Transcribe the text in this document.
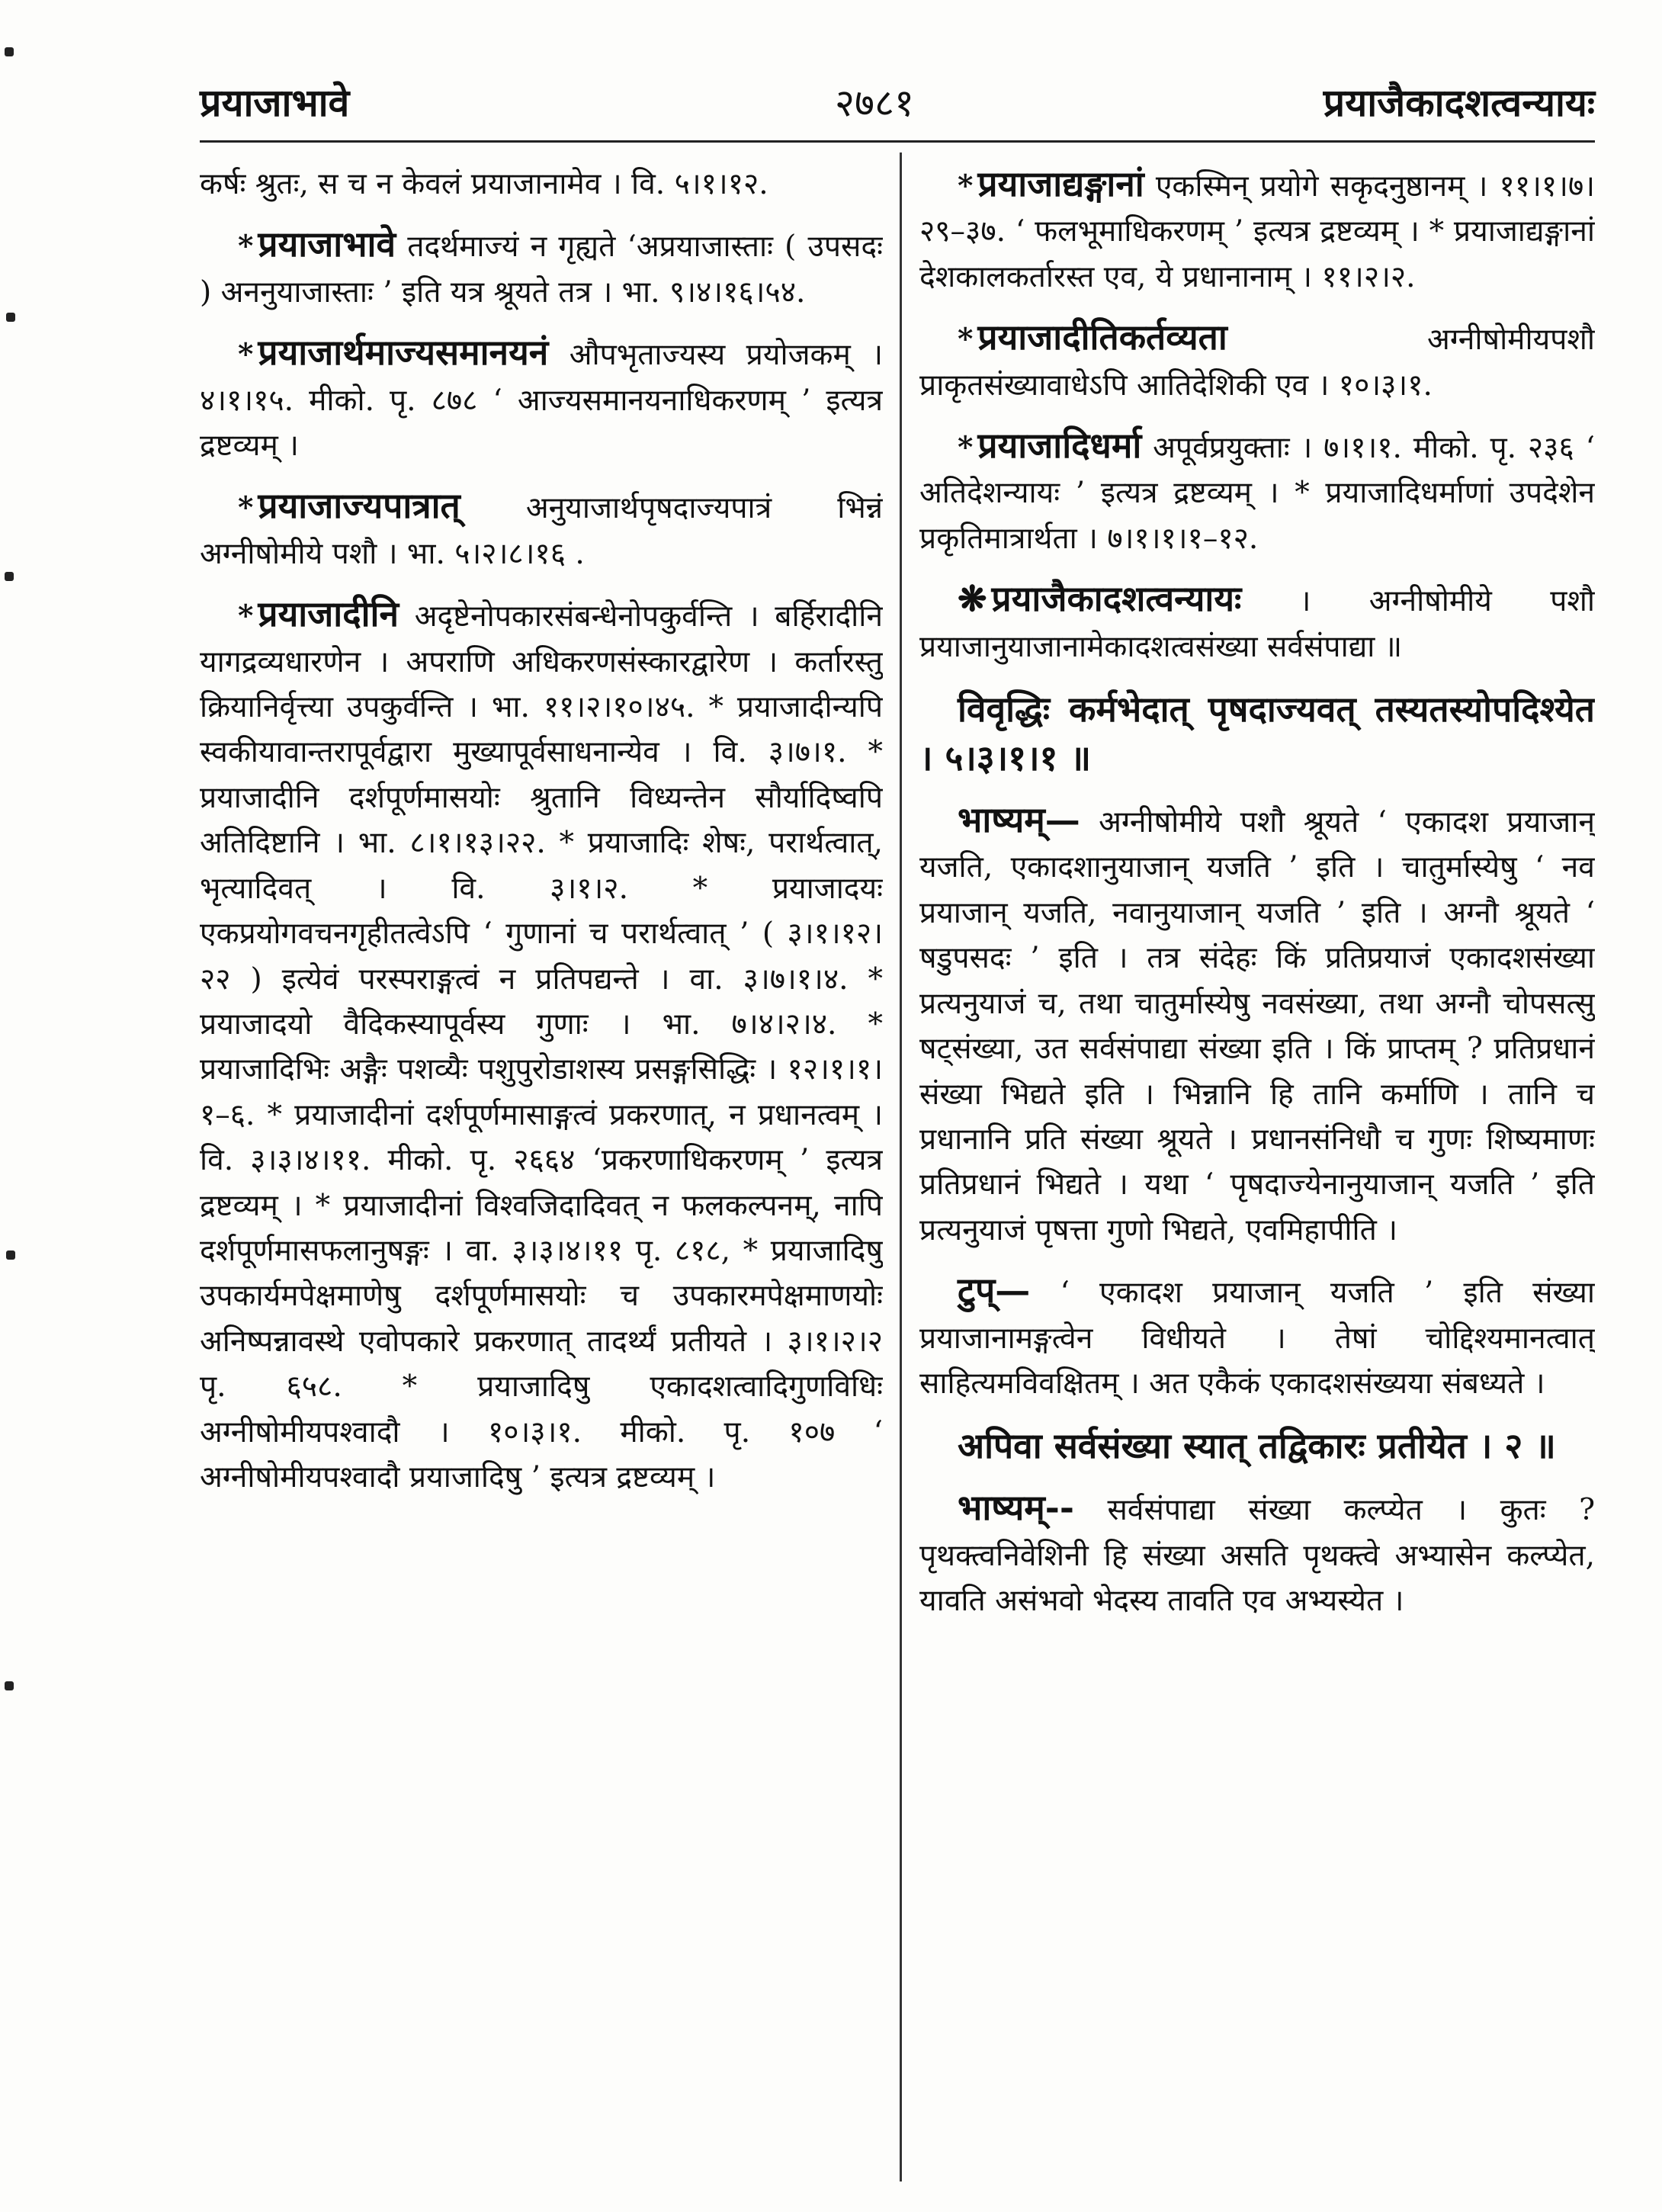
प्रयाजाभावे	२७८१	प्रयाजैकादशत्वन्यायः

कर्षः श्रुतः, स च न केवलं प्रयाजानामेव । वि. ५।१।१२.

* प्रयाजाभावे तदर्थमाज्यं न गृह्यते ‘अप्रयाजास्ताः ( उपसदः ) अननुयाजास्ताः ’ इति यत्र श्रूयते तत्र । भा. ९।४।१६।५४.

* प्रयाजार्थमाज्यसमानयनं औपभृताज्यस्य प्रयोजकम् । ४।१।१५. मीको. पृ. ८७८ ‘ आज्यसमानयनाधिकरणम् ’ इत्यत्र द्रष्टव्यम् ।

* प्रयाजाज्यपात्रात् अनुयाजार्थपृषदाज्यपात्रं भिन्नं अग्नीषोमीये पशौ । भा. ५।२।८।१६ .

* प्रयाजादीनि अदृष्टेनोपकारसंबन्धेनोपकुर्वन्ति । बर्हिरादीनि यागद्रव्यधारणेन । अपराणि अधिकरणसंस्कारद्वारेण । कर्तारस्तु क्रियानिर्वृत्त्या उपकुर्वन्ति । भा. ११।२।१०।४५. * प्रयाजादीन्यपि स्वकीयावान्तरापूर्वद्वारा मुख्यापूर्वसाधनान्येव । वि. ३।७।१. * प्रयाजादीनि दर्शपूर्णमासयोः श्रुतानि विध्यन्तेन सौर्यादिष्वपि अतिदिष्टानि । भा. ८।१।१३।२२. * प्रयाजादिः शेषः, परार्थत्वात्, भृत्यादिवत् । वि. ३।१।२. * प्रयाजादयः एकप्रयोगवचनगृहीतत्वेऽपि ‘ गुणानां च परार्थत्वात् ’ ( ३।१।१२।२२ ) इत्येवं परस्पराङ्गत्वं न प्रतिपद्यन्ते । वा. ३।७।१।४. * प्रयाजादयो वैदिकस्यापूर्वस्य गुणाः । भा. ७।४।२।४. * प्रयाजादिभिः अङ्गैः पशव्यैः पशुपुरोडाशस्य प्रसङ्गसिद्धिः । १२।१।१।१–६. * प्रयाजादीनां दर्शपूर्णमासाङ्गत्वं प्रकरणात्, न प्रधानत्वम् । वि. ३।३।४।११. मीको. पृ. २६६४ ‘प्रकरणाधिकरणम् ’ इत्यत्र द्रष्टव्यम् । * प्रयाजादीनां विश्वजिदादिवत् न फलकल्पनम्, नापि दर्शपूर्णमासफलानुषङ्गः । वा. ३।३।४।११ पृ. ८१८, * प्रयाजादिषु उपकार्यमपेक्षमाणेषु दर्शपूर्णमासयोः च उपकारमपेक्षमाणयोः अनिष्पन्नावस्थे एवोपकारे प्रकरणात् तादर्थ्यं प्रतीयते । ३।१।२।२ पृ. ६५८. * प्रयाजादिषु एकादशत्वादिगुणविधिः अग्नीषोमीयपश्वादौ । १०।३।१. मीको. पृ. १०७ ‘ अग्नीषोमीयपश्वादौ प्रयाजादिषु ’ इत्यत्र द्रष्टव्यम् ।

* प्रयाजाद्यङ्गानां एकस्मिन् प्रयोगे सकृदनुष्ठानम् । ११।१।७।२९–३७. ‘ फलभूमाधिकरणम् ’ इत्यत्र द्रष्टव्यम् । * प्रयाजाद्यङ्गानां देशकालकर्तारस्त एव, ये प्रधानानाम् । ११।२।२.

* प्रयाजादीतिकर्तव्यता	अग्नीषोमीयपशौ प्राकृतसंख्यावाधेऽपि आतिदेशिकी एव । १०।३।१.

* प्रयाजादिधर्मा अपूर्वप्रयुक्ताः । ७।१।१. मीको. पृ. २३६ ‘ अतिदेशन्यायः ’ इत्यत्र द्रष्टव्यम् । * प्रयाजादिधर्माणां उपदेशेन प्रकृतिमात्रार्थता । ७।१।१।१–१२.

❋ प्रयाजैकादशत्वन्यायः । अग्नीषोमीये पशौ प्रयाजानुयाजानामेकादशत्वसंख्या सर्वसंपाद्या ॥

विवृद्धिः कर्मभेदात् पृषदाज्यवत् तस्यतस्योपदिश्येत । ५।३।१।१ ॥

भाष्यम्— अग्नीषोमीये पशौ श्रूयते ‘ एकादश प्रयाजान् यजति, एकादशानुयाजान् यजति ’ इति । चातुर्मास्येषु ‘ नव प्रयाजान् यजति, नवानुयाजान् यजति ’ इति । अग्नौ श्रूयते ‘ षडुपसदः ’ इति । तत्र संदेहः किं प्रतिप्रयाजं एकादशसंख्या प्रत्यनुयाजं च, तथा चातुर्मास्येषु नवसंख्या, तथा अग्नौ चोपसत्सु षट्संख्या, उत सर्वसंपाद्या संख्या इति । किं प्राप्तम् ? प्रतिप्रधानं संख्या भिद्यते इति । भिन्नानि हि तानि कर्माणि । तानि च प्रधानानि प्रति संख्या श्रूयते । प्रधानसंनिधौ च गुणः शिष्यमाणः प्रतिप्रधानं भिद्यते । यथा ‘ पृषदाज्येनानुयाजान् यजति ’ इति प्रत्यनुयाजं पृषत्ता गुणो भिद्यते, एवमिहापीति ।

टुप्— ‘ एकादश प्रयाजान् यजति ’ इति संख्या प्रयाजानामङ्गत्वेन विधीयते । तेषां चोद्दिश्यमानत्वात् साहित्यमविवक्षितम् । अत एकैकं एकादशसंख्यया संबध्यते ।

अपिवा सर्वसंख्या स्यात् तद्विकारः प्रतीयेत । २ ॥

भाष्यम्-- सर्वसंपाद्या संख्या कल्प्येत । कुतः ? पृथक्त्वनिवेशिनी हि संख्या असति पृथक्त्वे अभ्यासेन कल्प्येत, यावति असंभवो भेदस्य तावति एव अभ्यस्येत ।
